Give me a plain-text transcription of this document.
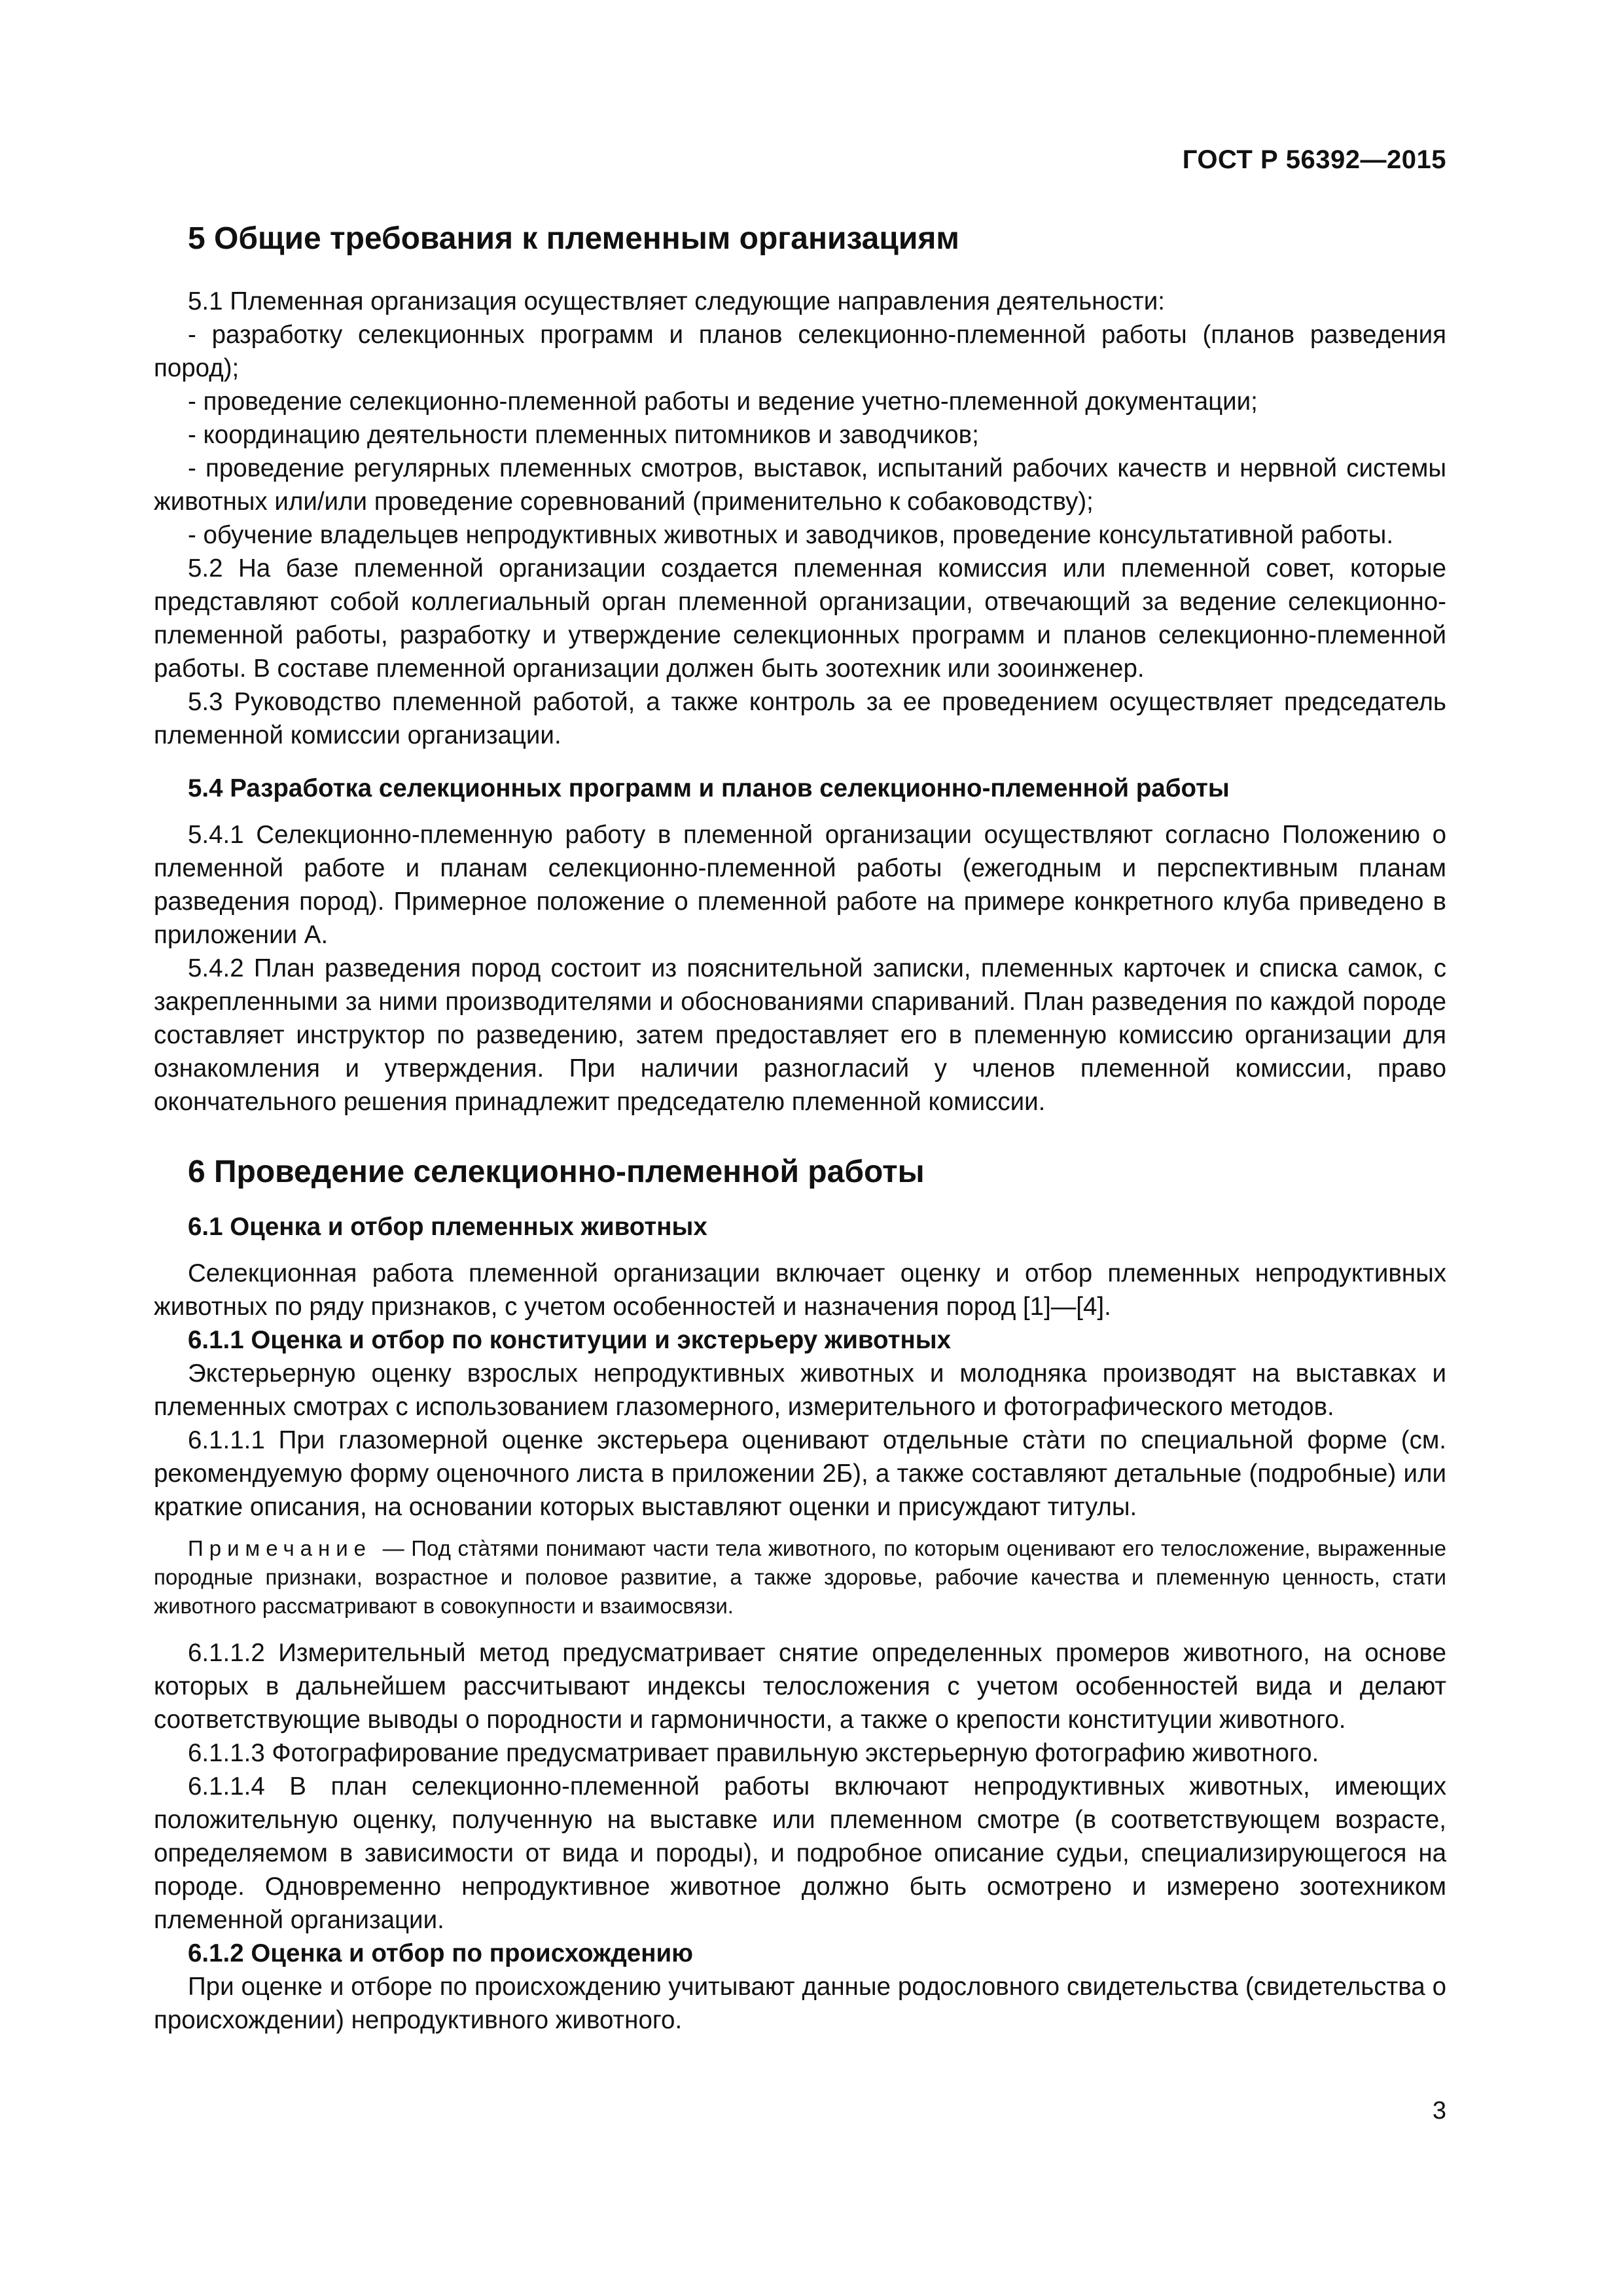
ГОСТ Р 56392—2015
5 Общие требования к племенным организациям

5.1 Племенная организация осуществляет следующие направления деятельности:

- разработку селекционных программ и планов селекционно-племенной работы (планов разведения пород);

- проведение селекционно-племенной работы и ведение учетно-племенной документации;

- координацию деятельности племенных питомников и заводчиков;

- проведение регулярных племенных смотров, выставок, испытаний рабочих качеств и нервной системы животных или/или проведение соревнований (применительно к собаководству);

- обучение владельцев непродуктивных животных и заводчиков, проведение консультативной работы.

5.2 На базе племенной организации создается племенная комиссия или племенной совет, которые представляют собой коллегиальный орган племенной организации, отвечающий за ведение селекционно-племенной работы, разработку и утверждение селекционных программ и планов селекционно-племенной работы. В составе племенной организации должен быть зоотехник или зооинженер.

5.3 Руководство племенной работой, а также контроль за ее проведением осуществляет председатель племенной комиссии организации.

5.4 Разработка селекционных программ и планов селекционно-племенной работы

5.4.1 Селекционно-племенную работу в племенной организации осуществляют согласно Положению о племенной работе и планам селекционно-племенной работы (ежегодным и перспективным планам разведения пород). Примерное положение о племенной работе на примере конкретного клуба приведено в приложении А.

5.4.2 План разведения пород состоит из пояснительной записки, племенных карточек и списка самок, с закрепленными за ними производителями и обоснованиями спариваний. План разведения по каждой породе составляет инструктор по разведению, затем предоставляет его в племенную комиссию организации для ознакомления и утверждения. При наличии разногласий у членов племенной комиссии, право окончательного решения принадлежит председателю племенной комиссии.

6 Проведение селекционно-племенной работы
6.1 Оценка и отбор племенных животных

Селекционная работа племенной организации включает оценку и отбор племенных непродуктивных животных по ряду признаков, с учетом особенностей и назначения пород [1]—[4].

6.1.1 Оценка и отбор по конституции и экстерьеру животных

Экстерьерную оценку взрослых непродуктивных животных и молодняка производят на выставках и племенных смотрах с использованием глазомерного, измерительного и фотографического методов.

6.1.1.1 При глазомерной оценке экстерьера оценивают отдельные ста̀ти по специальной форме (см. рекомендуемую форму оценочного листа в приложении 2Б), а также составляют детальные (подробные) или краткие описания, на основании которых выставляют оценки и присуждают титулы.

Примечание — Под ста̀тями понимают части тела животного, по которым оценивают его телосложение, выраженные породные признаки, возрастное и половое развитие, а также здоровье, рабочие качества и племенную ценность, стати животного рассматривают в совокупности и взаимосвязи.

6.1.1.2 Измерительный метод предусматривает снятие определенных промеров животного, на основе которых в дальнейшем рассчитывают индексы телосложения с учетом особенностей вида и делают соответствующие выводы о породности и гармоничности, а также о крепости конституции животного.

6.1.1.3 Фотографирование предусматривает правильную экстерьерную фотографию животного.

6.1.1.4 В план селекционно-племенной работы включают непродуктивных животных, имеющих положительную оценку, полученную на выставке или племенном смотре (в соответствующем возрасте, определяемом в зависимости от вида и породы), и подробное описание судьи, специализирующегося на породе. Одновременно непродуктивное животное должно быть осмотрено и измерено зоотехником племенной организации.

6.1.2 Оценка и отбор по происхождению

При оценке и отборе по происхождению учитывают данные родословного свидетельства (свидетельства о происхождении) непродуктивного животного.

3
